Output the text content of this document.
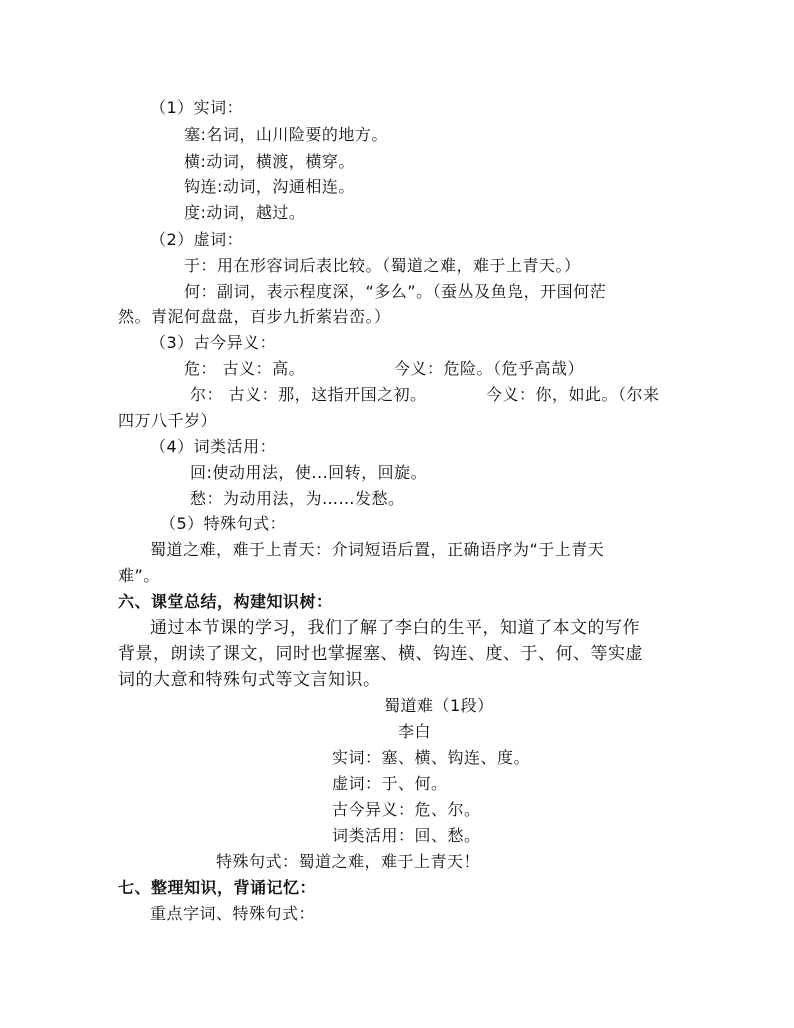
（1）实词：
塞:名词，山川险要的地方。
横:动词，横渡，横穿。
钩连:动词，沟通相连。
度:动词，越过。
（2）虚词：
于：用在形容词后表比较。（蜀道之难，难于上青天。）
何：副词，表示程度深，“多么”。（蚕丛及鱼凫，开国何茫
然。青泥何盘盘，百步九折萦岩峦。）
（3）古今异义：
危： 古义：高。	今义：危险。（危乎高哉）
尔： 古义：那，这指开国之初。	今义：你，如此。（尔来
四万八千岁）
（4）词类活用：
回:使动用法，使...回转，回旋。
愁：为动用法，为……发愁。
（5）特殊句式：
蜀道之难，难于上青天：介词短语后置，正确语序为“于上青天
难”。
六、课堂总结，构建知识树：
通过本节课的学习，我们了解了李白的生平，知道了本文的写作
背景，朗读了课文，同时也掌握塞、横、钩连、度、于、何、等实虚
词的大意和特殊句式等文言知识。
蜀道难（1段）
李白
实词：塞、横、钩连、度。
虚词：于、何。
古今异义：危、尔。
词类活用：回、愁。
特殊句式：蜀道之难，难于上青天！
七、整理知识，背诵记忆：
重点字词、特殊句式：
